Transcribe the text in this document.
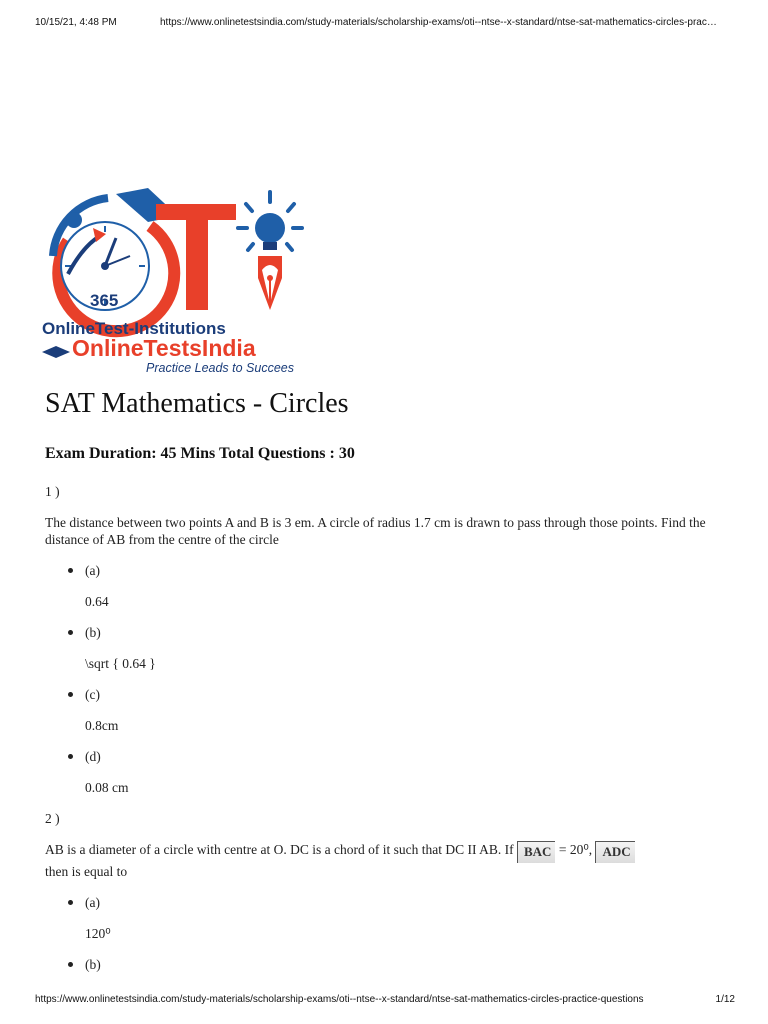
10/15/21, 4:48 PM	https://www.onlinetestsindia.com/study-materials/scholarship-exams/oti--ntse--x-standard/ntse-sat-mathematics-circles-prac…
365
OnlineTest-Institutions
OnlineTestsIndia
Practice Leads to Succees
SAT Mathematics - Circles
Exam Duration: 45 Mins Total Questions : 30
1 )
The distance between two points A and B is 3 em. A circle of radius 1.7 cm is drawn to pass through those points. Find the distance of AB from the centre of the circle
(a)
0.64
(b)
\sqrt { 0.64 }
(c)
0.8cm
(d)
0.08 cm
2 )
AB is a diameter of a circle with centre at O. DC is a chord of it such that DC II AB. If BAC = 20⁰, ADC
then is equal to
(a)
120⁰
(b)
https://www.onlinetestsindia.com/study-materials/scholarship-exams/oti--ntse--x-standard/ntse-sat-mathematics-circles-practice-questions	1/12
